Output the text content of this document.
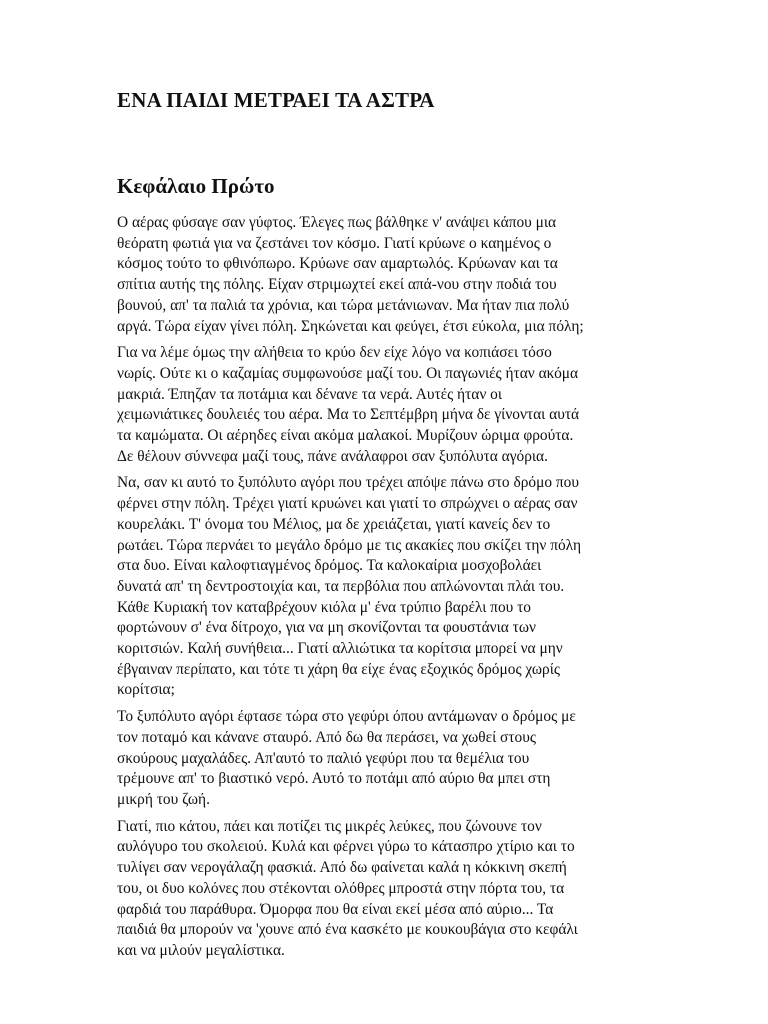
ΕΝΑ ΠΑΙΔΙ ΜΕΤΡΑΕΙ ΤΑ ΑΣΤΡΑ
Κεφάλαιο Πρώτο

Ο αέρας φύσαγε σαν γύφτος. Έλεγες πως βάλθηκε ν' ανάψει κάπου μια
θεόρατη φωτιά για να ζεστάνει τον κόσμο. Γιατί κρύωνε ο καημένος ο
κόσμος τούτο το φθινόπωρο. Κρύωνε σαν αμαρτωλός. Κρύωναν και τα
σπίτια αυτής της πόλης. Είχαν στριμωχτεί εκεί απά-νου στην ποδιά του
βουνού, απ' τα παλιά τα χρόνια, και τώρα μετάνιωναν. Μα ήταν πια πολύ
αργά. Τώρα είχαν γίνει πόλη. Σηκώνεται και φεύγει, έτσι εύκολα, μια πόλη;

Για να λέμε όμως την αλήθεια το κρύο δεν είχε λόγο να κοπιάσει τόσο
νωρίς. Ούτε κι ο καζαμίας συμφωνούσε μαζί του. Οι παγωνιές ήταν ακόμα
μακριά. Έπηζαν τα ποτάμια και δένανε τα νερά. Αυτές ήταν οι
χειμωνιάτικες δουλειές του αέρα. Μα το Σεπτέμβρη μήνα δε γίνονται αυτά
τα καμώματα. Οι αέρηδες είναι ακόμα μαλακοί. Μυρίζουν ώριμα φρούτα.
Δε θέλουν σύννεφα μαζί τους, πάνε ανάλαφροι σαν ξυπόλυτα αγόρια.

Να, σαν κι αυτό το ξυπόλυτο αγόρι που τρέχει απόψε πάνω στο δρόμο που
φέρνει στην πόλη. Τρέχει γιατί κρυώνει και γιατί το σπρώχνει ο αέρας σαν
κουρελάκι. Τ' όνομα του Μέλιος, μα δε χρειάζεται, γιατί κανείς δεν το
ρωτάει. Τώρα περνάει το μεγάλο δρόμο με τις ακακίες που σκίζει την πόλη
στα δυο. Είναι καλοφτιαγμένος δρόμος. Τα καλοκαίρια μοσχοβολάει
δυνατά απ' τη δεντροστοιχία και, τα περβόλια που απλώνονται πλάι του.
Κάθε Κυριακή τον καταβρέχουν κιόλα μ' ένα τρύπιο βαρέλι που το
φορτώνουν σ' ένα δίτροχο, για να μη σκονίζονται τα φουστάνια των
κοριτσιών. Καλή συνήθεια... Γιατί αλλιώτικα τα κορίτσια μπορεί να μην
έβγαιναν περίπατο, και τότε τι χάρη θα είχε ένας εξοχικός δρόμος χωρίς
κορίτσια;

Το ξυπόλυτο αγόρι έφτασε τώρα στο γεφύρι όπου αντάμωναν ο δρόμος με
τον ποταμό και κάνανε σταυρό. Από δω θα περάσει, να χωθεί στους
σκούρους μαχαλάδες. Απ'αυτό το παλιό γεφύρι που τα θεμέλια του
τρέμουνε απ' το βιαστικό νερό. Αυτό το ποτάμι από αύριο θα μπει στη
μικρή του ζωή.

Γιατί, πιο κάτου, πάει και ποτίζει τις μικρές λεύκες, που ζώνουνε τον
αυλόγυρο του σκολειού. Κυλά και φέρνει γύρω το κάτασπρο χτίριο και το
τυλίγει σαν νερογάλαζη φασκιά. Από δω φαίνεται καλά η κόκκινη σκεπή
του, οι δυο κολόνες που στέκονται ολόθρες μπροστά στην πόρτα του, τα
φαρδιά του παράθυρα. Όμορφα που θα είναι εκεί μέσα από αύριο... Τα
παιδιά θα μπορούν να 'χουνε από ένα κασκέτο με κουκουβάγια στο κεφάλι
και να μιλούν μεγαλίστικα.
